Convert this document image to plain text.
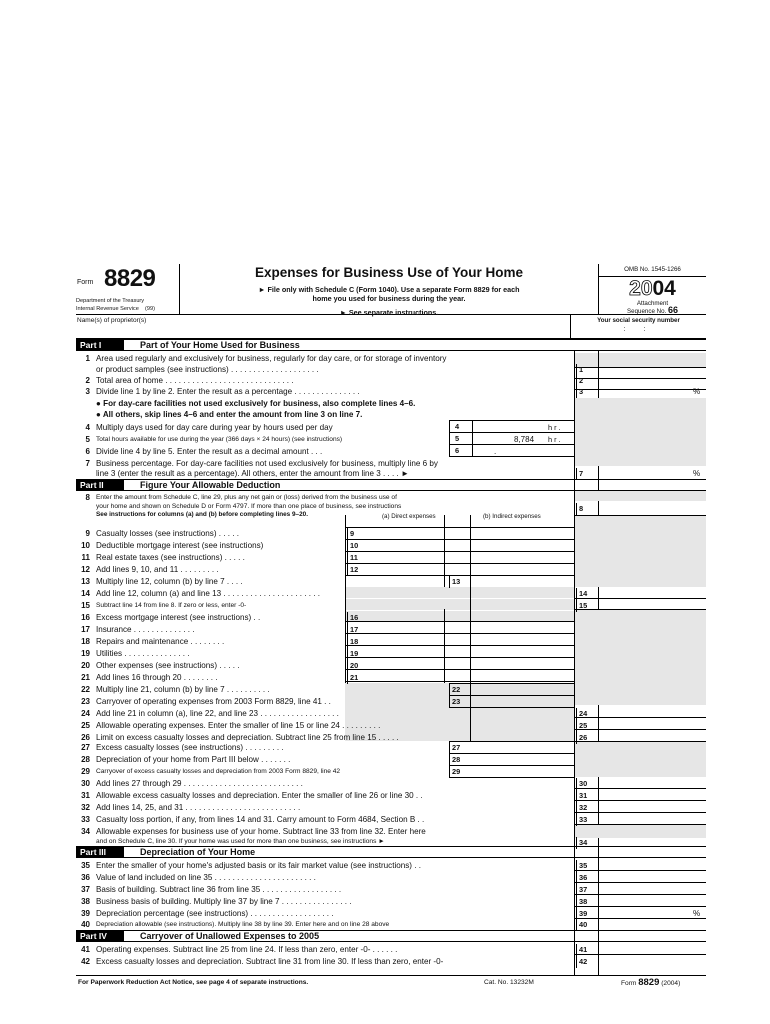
Form 8829
Department of the Treasury
Internal Revenue Service (99)
Expenses for Business Use of Your Home
► File only with Schedule C (Form 1040). Use a separate Form 8829 for each
home you used for business during the year.
► See separate instructions.
OMB No. 1545-1266
2004
Attachment
Sequence No. 66
Name(s) of proprietor(s)	Your social security number
: :
Part I	Part of Your Home Used for Business
1 Area used regularly and exclusively for business, regularly for day care, or for storage of inventory
or product samples (see instructions) . . . . . . . . . . . . . . . . . . . .	1
2 Total area of home . . . . . . . . . . . . . . . . . . . . . . . . . . . . .	2
3 Divide line 1 by line 2. Enter the result as a percentage . . . . . . . . . . . . . . .	3	%
● For day-care facilities not used exclusively for business, also complete lines 4–6.
● All others, skip lines 4–6 and enter the amount from line 3 on line 7.
4 Multiply days used for day care during year by hours used per day	4	h r .
5 Total hours available for use during the year (366 days × 24 hours) (see instructions)	5	8,784 h r .
6 Divide line 4 by line 5. Enter the result as a decimal amount . . .	6	.
7 Business percentage. For day-care facilities not used exclusively for business, multiply line 6 by
line 3 (enter the result as a percentage). All others, enter the amount from line 3 . . . . ►	7	%
Part II	Figure Your Allowable Deduction
8 Enter the amount from Schedule C, line 29, plus any net gain or (loss) derived from the business use of
your home and shown on Schedule D or Form 4797. If more than one place of business, see instructions	8
See instructions for columns (a) and (b) before completing lines 9–20.	(a) Direct expenses	(b) Indirect expenses
9 Casualty losses (see instructions) . . . . .	9
10 Deductible mortgage interest (see instructions)	10
11 Real estate taxes (see instructions) . . . . .	11
12 Add lines 9, 10, and 11 . . . . . . . . .	12
13 Multiply line 12, column (b) by line 7 . . . .	13
14 Add line 12, column (a) and line 13 . . . . . . . . . . . . . . . . . . . . . .	14
15 Subtract line 14 from line 8. If zero or less, enter -0-	15
16 Excess mortgage interest (see instructions) . .	16
17 Insurance . . . . . . . . . . . . . .	17
18 Repairs and maintenance . . . . . . . .	18
19 Utilities . . . . . . . . . . . . . . .	19
20 Other expenses (see instructions) . . . . .	20
21 Add lines 16 through 20 . . . . . . . .	21
22 Multiply line 21, column (b) by line 7 . . . . . . . . . .	22
23 Carryover of operating expenses from 2003 Form 8829, line 41 . .	23
24 Add line 21 in column (a), line 22, and line 23 . . . . . . . . . . . . . . . . . .	24
25 Allowable operating expenses. Enter the smaller of line 15 or line 24 . . . . . . . . .	25
26 Limit on excess casualty losses and depreciation. Subtract line 25 from line 15 . . . . .	26
27 Excess casualty losses (see instructions) . . . . . . . . .	27
28 Depreciation of your home from Part III below . . . . . . .	28
29 Carryover of excess casualty losses and depreciation from 2003 Form 8829, line 42	29
30 Add lines 27 through 29 . . . . . . . . . . . . . . . . . . . . . . . . . . .	30
31 Allowable excess casualty losses and depreciation. Enter the smaller of line 26 or line 30 . .	31
32 Add lines 14, 25, and 31 . . . . . . . . . . . . . . . . . . . . . . . . . .	32
33 Casualty loss portion, if any, from lines 14 and 31. Carry amount to Form 4684, Section B . .	33
34 Allowable expenses for business use of your home. Subtract line 33 from line 32. Enter here
and on Schedule C, line 30. If your home was used for more than one business, see instructions ►	34
Part III	Depreciation of Your Home
35 Enter the smaller of your home's adjusted basis or its fair market value (see instructions) . .	35
36 Value of land included on line 35 . . . . . . . . . . . . . . . . . . . . . . .	36
37 Basis of building. Subtract line 36 from line 35 . . . . . . . . . . . . . . . . . .	37
38 Business basis of building. Multiply line 37 by line 7 . . . . . . . . . . . . . . . .	38
39 Depreciation percentage (see instructions) . . . . . . . . . . . . . . . . . . .	39	%
40 Depreciation allowable (see instructions). Multiply line 38 by line 39. Enter here and on line 28 above	40
Part IV	Carryover of Unallowed Expenses to 2005
41 Operating expenses. Subtract line 25 from line 24. If less than zero, enter -0- . . . . . .	41
42 Excess casualty losses and depreciation. Subtract line 31 from line 30. If less than zero, enter -0-	42
For Paperwork Reduction Act Notice, see page 4 of separate instructions.	Cat. No. 13232M	Form 8829 (2004)
